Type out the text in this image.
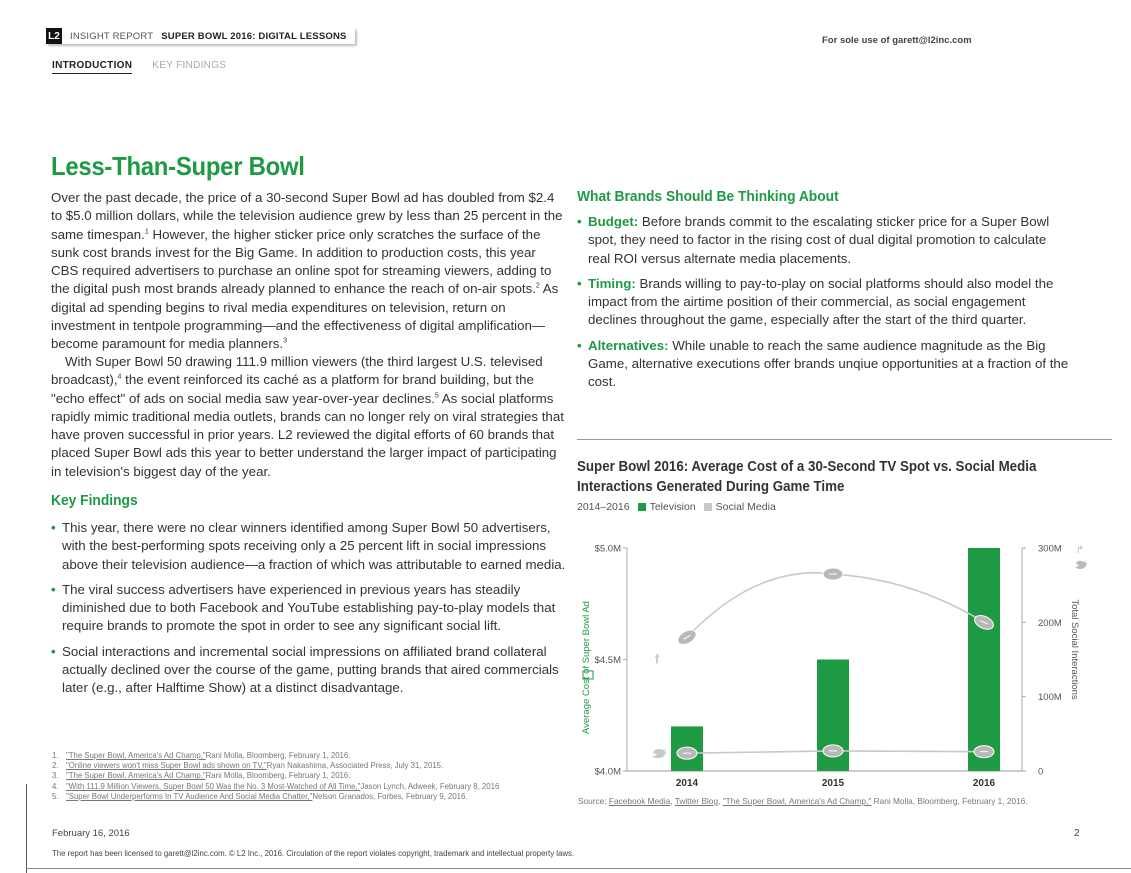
L2 INSIGHT REPORT SUPER BOWL 2016: DIGITAL LESSONS	For sole use of garett@l2inc.com
INTRODUCTION KEY FINDINGS
Less-Than-Super Bowl

Over the past decade, the price of a 30-second Super Bowl ad has doubled from $2.4 to $5.0 million dollars, while the television audience grew by less than 25 percent in the same timespan.$^1$ However, the higher sticker price only scratches the surface of the sunk cost brands invest for the Big Game. In addition to production costs, this year CBS required advertisers to purchase an online spot for streaming viewers, adding to the digital push most brands already planned to enhance the reach of on-air spots.$^2$ As digital ad spending begins to rival media expenditures on television, return on investment in tentpole programming—and the effectiveness of digital amplification—become paramount for media planners.$^3$

With Super Bowl 50 drawing 111.9 million viewers (the third largest U.S. televised broadcast),$^4$ the event reinforced its caché as a platform for brand building, but the "echo effect" of ads on social media saw year-over-year declines.$^5$ As social platforms rapidly mimic traditional media outlets, brands can no longer rely on viral strategies that have proven successful in prior years. L2 reviewed the digital efforts of 60 brands that placed Super Bowl ads this year to better understand the larger impact of participating in television's biggest day of the year.

Key Findings
• This year, there were no clear winners identified among Super Bowl 50 advertisers, with the best-performing spots receiving only a 25 percent lift in social impressions above their television audience—a fraction of which was attributable to earned media.
• The viral success advertisers have experienced in previous years has steadily diminished due to both Facebook and YouTube establishing pay-to-play models that require brands to promote the spot in order to see any significant social lift.
• Social interactions and incremental social impressions on affiliated brand collateral actually declined over the course of the game, putting brands that aired commercials later (e.g., after Halftime Show) at a distinct disadvantage.
What Brands Should Be Thinking About
• Budget: Before brands commit to the escalating sticker price for a Super Bowl spot, they need to factor in the rising cost of dual digital promotion to calculate real ROI versus alternate media placements.
• Timing: Brands willing to pay-to-play on social platforms should also model the impact from the airtime position of their commercial, as social engagement declines throughout the game, especially after the start of the third quarter.
• Alternatives: While unable to reach the same audience magnitude as the Big Game, alternative executions offer brands unqiue opportunities at a fraction of the cost.
Super Bowl 2016: Average Cost of a 30-Second TV Spot vs. Social Media Interactions Generated During Game Time
2014–2016	Television	Social Media
$5.0M
$4.5M
$4.0M
300M
200M
100M
0
2014	2015	2016
f
↱
Average Cost of Super Bowl Ad	Total Social Interactions
Source: Facebook Media, Twitter Blog, "The Super Bowl, America's Ad Champ," Rani Molla, Bloomberg, February 1, 2016.
1. "The Super Bowl, America's Ad Champ," Rani Molla, Bloomberg, February 1, 2016.
2. "Online viewers won't miss Super Bowl ads shown on TV," Ryan Nakashima, Associated Press, July 31, 2015.
3. "The Super Bowl, America's Ad Champ," Rani Molla, Bloomberg, February 1, 2016.
4. "With 111.9 Million Viewers, Super Bowl 50 Was the No. 3 Most-Watched of All Time," Jason Lynch, Adweek, February 8, 2016
5. "Super Bowl Underperforms In TV Audience And Social Media Chatter," Nelson Granados, Forbes, February 9, 2016.
February 16, 2016	2
The report has been licensed to garett@l2inc.com. © L2 Inc., 2016. Circulation of the report violates copyright, trademark and intellectual property laws.
